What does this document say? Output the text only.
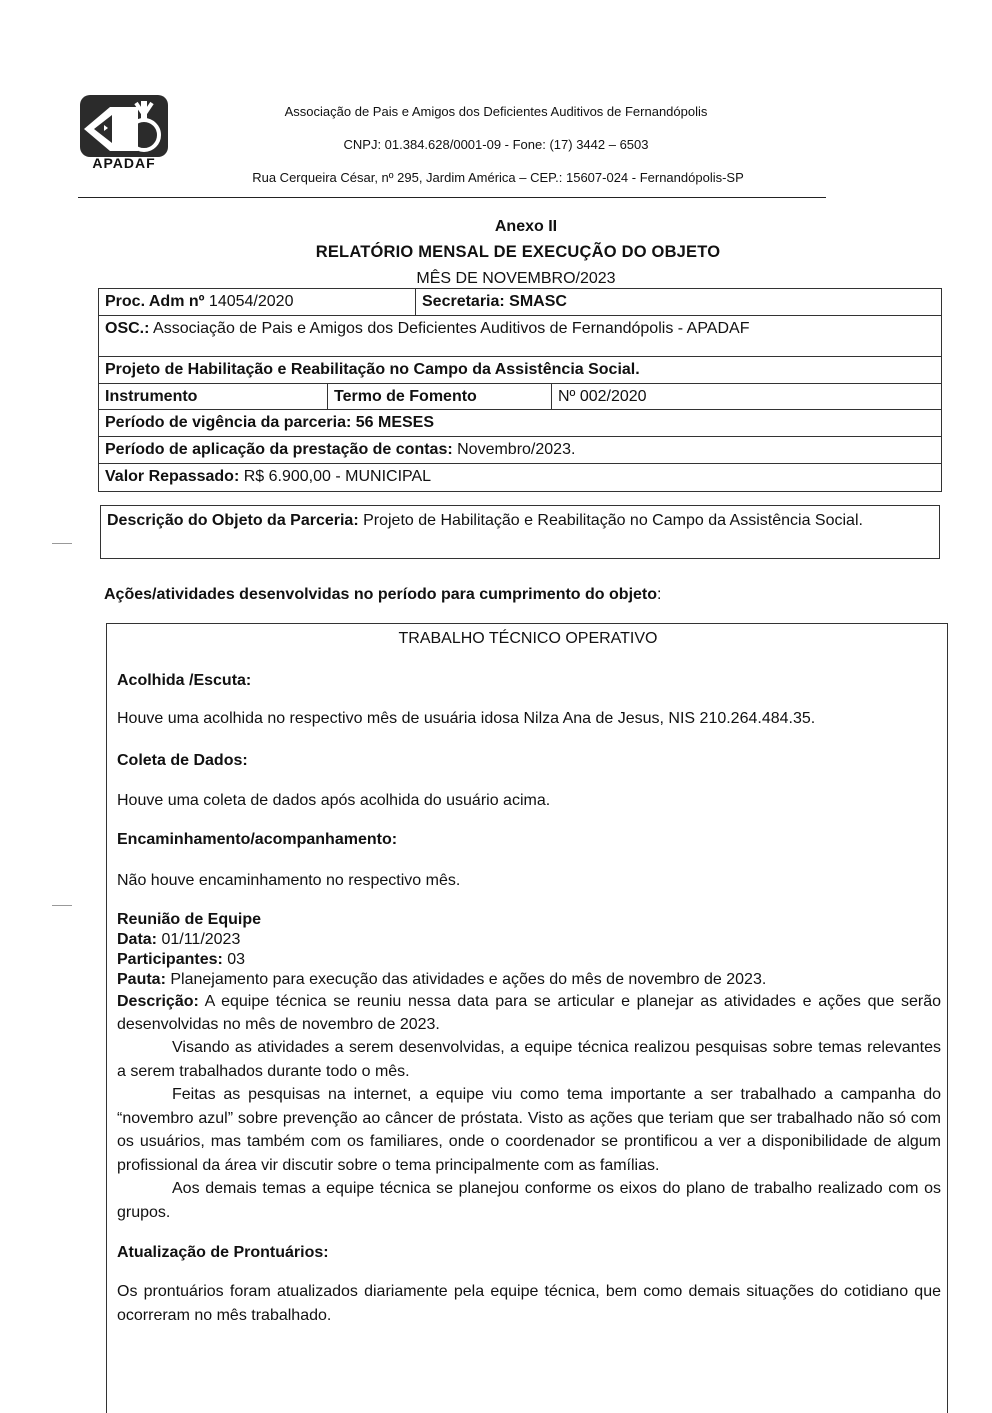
APADAF
Associação de Pais e Amigos dos Deficientes Auditivos de Fernandópolis
CNPJ: 01.384.628/0001-09 - Fone: (17) 3442 – 6503
Rua Cerqueira César, nº 295, Jardim América – CEP.: 15607-024 - Fernandópolis-SP
Anexo II
RELATÓRIO MENSAL DE EXECUÇÃO DO OBJETO
MÊS DE NOVEMBRO/2023
Proc. Adm nº 14054/2020	Secretaria: SMASC
OSC.: Associação de Pais e Amigos dos Deficientes Auditivos de Fernandópolis - APADAF
Projeto de Habilitação e Reabilitação no Campo da Assistência Social.
Instrumento	Termo de Fomento	Nº 002/2020
Período de vigência da parceria: 56 MESES
Período de aplicação da prestação de contas: Novembro/2023.
Valor Repassado: R$ 6.900,00 - MUNICIPAL
Descrição do Objeto da Parceria: Projeto de Habilitação e Reabilitação no Campo da Assistência Social.
Ações/atividades desenvolvidas no período para cumprimento do objeto:
TRABALHO TÉCNICO OPERATIVO
Acolhida /Escuta:
Houve uma acolhida no respectivo mês de usuária idosa Nilza Ana de Jesus, NIS 210.264.484.35.
Coleta de Dados:
Houve uma coleta de dados após acolhida do usuário acima.
Encaminhamento/acompanhamento:
Não houve encaminhamento no respectivo mês.
Reunião de Equipe
Data: 01/11/2023
Participantes: 03
Pauta: Planejamento para execução das atividades e ações do mês de novembro de 2023.
Descrição: A equipe técnica se reuniu nessa data para se articular e planejar as atividades e ações que serão desenvolvidas no mês de novembro de 2023.
Visando as atividades a serem desenvolvidas, a equipe técnica realizou pesquisas sobre temas relevantes a serem trabalhados durante todo o mês.
Feitas as pesquisas na internet, a equipe viu como tema importante a ser trabalhado a campanha do “novembro azul” sobre prevenção ao câncer de próstata. Visto as ações que teriam que ser trabalhado não só com os usuários, mas também com os familiares, onde o coordenador se prontificou a ver a disponibilidade de algum profissional da área vir discutir sobre o tema principalmente com as famílias.
Aos demais temas a equipe técnica se planejou conforme os eixos do plano de trabalho realizado com os grupos.
Atualização de Prontuários:
Os prontuários foram atualizados diariamente pela equipe técnica, bem como demais situações do cotidiano que ocorreram no mês trabalhado.
